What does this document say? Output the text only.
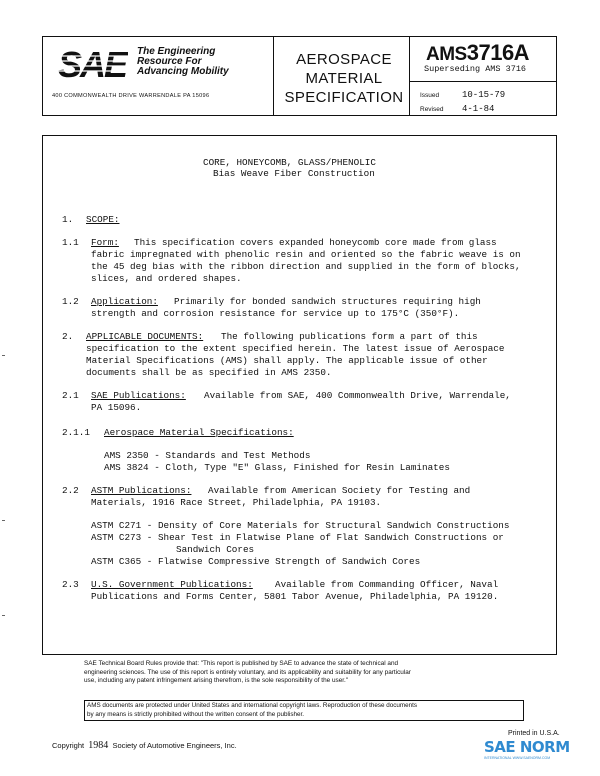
SAE The Engineering
Resource For
Advancing Mobility
400 COMMONWEALTH DRIVE WARRENDALE PA 15096
AEROSPACE
MATERIAL
SPECIFICATION
AMS3716A
Superseding AMS 3716
Issued	10-15-79
Revised 4-1-84
CORE, HONEYCOMB, GLASS/PHENOLIC
Bias Weave Fiber Construction
1. SCOPE:
1.1 Form: This specification covers expanded honeycomb core made from glass
fabric impregnated with phenolic resin and oriented so the fabric weave is on
the 45 deg bias with the ribbon direction and supplied in the form of blocks,
slices, and ordered shapes.
1.2 Application: Primarily for bonded sandwich structures requiring high
strength and corrosion resistance for service up to 175°C (350°F).
2. APPLICABLE DOCUMENTS: The following publications form a part of this
specification to the extent specified herein. The latest issue of Aerospace
Material Specifications (AMS) shall apply. The applicable issue of other
documents shall be as specified in AMS 2350.
2.1 SAE Publications: Available from SAE, 400 Commonwealth Drive, Warrendale,
PA 15096.
2.1.1 Aerospace Material Specifications:
AMS 2350 - Standards and Test Methods
AMS 3824 - Cloth, Type "E" Glass, Finished for Resin Laminates
2.2 ASTM Publications: Available from American Society for Testing and
Materials, 1916 Race Street, Philadelphia, PA 19103.
ASTM C271 - Density of Core Materials for Structural Sandwich Constructions
ASTM C273 - Shear Test in Flatwise Plane of Flat Sandwich Constructions or
Sandwich Cores
ASTM C365 - Flatwise Compressive Strength of Sandwich Cores
2.3 U.S. Government Publications: Available from Commanding Officer, Naval
Publications and Forms Center, 5801 Tabor Avenue, Philadelphia, PA 19120.
SAE Technical Board Rules provide that: "This report is published by SAE to advance the state of technical and
engineering sciences. The use of this report is entirely voluntary, and its applicability and suitability for any particular
use, including any patent infringement arising therefrom, is the sole responsibility of the user."
AMS documents are protected under United States and international copyright laws. Reproduction of these documents
by any means is strictly prohibited without the written consent of the publisher.
Copyright 1984 Society of Automotive Engineers, Inc.
Printed in U.S.A.
SAE NORM
INTERNATIONAL WWW.SAENORM.COM
